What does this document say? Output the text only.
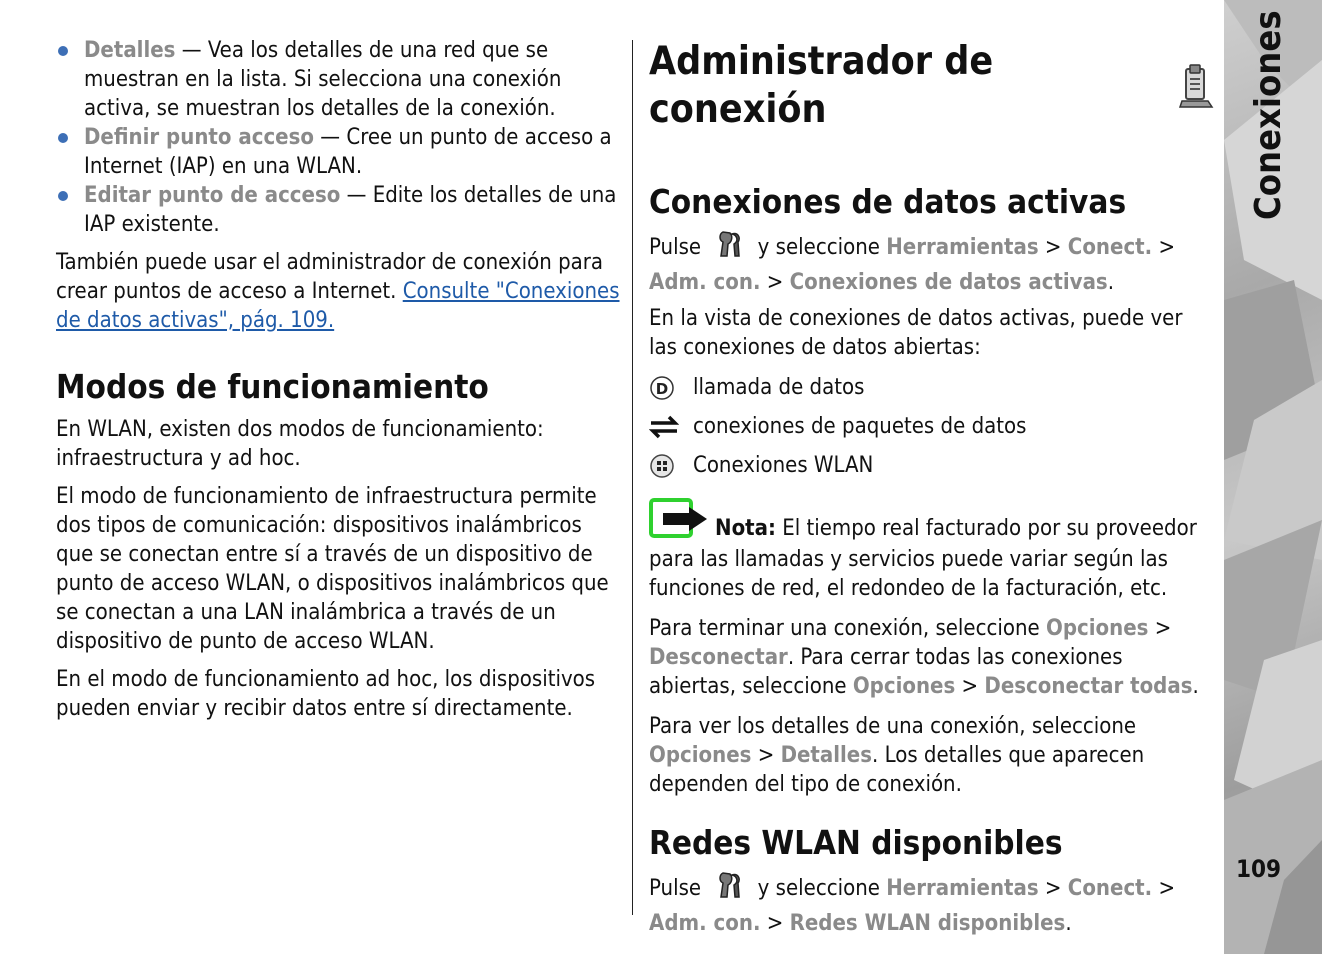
Detalles — Vea los detalles de una red que se muestran en la lista. Si selecciona una conexión activa, se muestran los detalles de la conexión.
Definir punto acceso — Cree un punto de acceso a Internet (IAP) en una WLAN.
Editar punto de acceso — Edite los detalles de una IAP existente.

También puede usar el administrador de conexión para crear puntos de acceso a Internet. Consulte "Conexiones de datos activas", pág. 109.

Modos de funcionamiento

En WLAN, existen dos modos de funcionamiento: infraestructura y ad hoc.

El modo de funcionamiento de infraestructura permite dos tipos de comunicación: dispositivos inalámbricos que se conectan entre sí a través de un dispositivo de punto de acceso WLAN, o dispositivos inalámbricos que se conectan a una LAN inalámbrica a través de un dispositivo de punto de acceso WLAN.

En el modo de funcionamiento ad hoc, los dispositivos pueden enviar y recibir datos entre sí directamente.

Administrador de conexión
Conexiones de datos activas

Pulse  y seleccione Herramientas > Conect. > Adm. con. > Conexiones de datos activas.

En la vista de conexiones de datos activas, puede ver las conexiones de datos abiertas:

D llamada de datos

conexiones de paquetes de datos

Conexiones WLAN

Nota: El tiempo real facturado por su proveedor para las llamadas y servicios puede variar según las funciones de red, el redondeo de la facturación, etc.

Para terminar una conexión, seleccione Opciones > Desconectar. Para cerrar todas las conexiones abiertas, seleccione Opciones > Desconectar todas.

Para ver los detalles de una conexión, seleccione Opciones > Detalles. Los detalles que aparecen dependen del tipo de conexión.

Redes WLAN disponibles

Pulse  y seleccione Herramientas > Conect. > Adm. con. > Redes WLAN disponibles.

Conexiones
109
